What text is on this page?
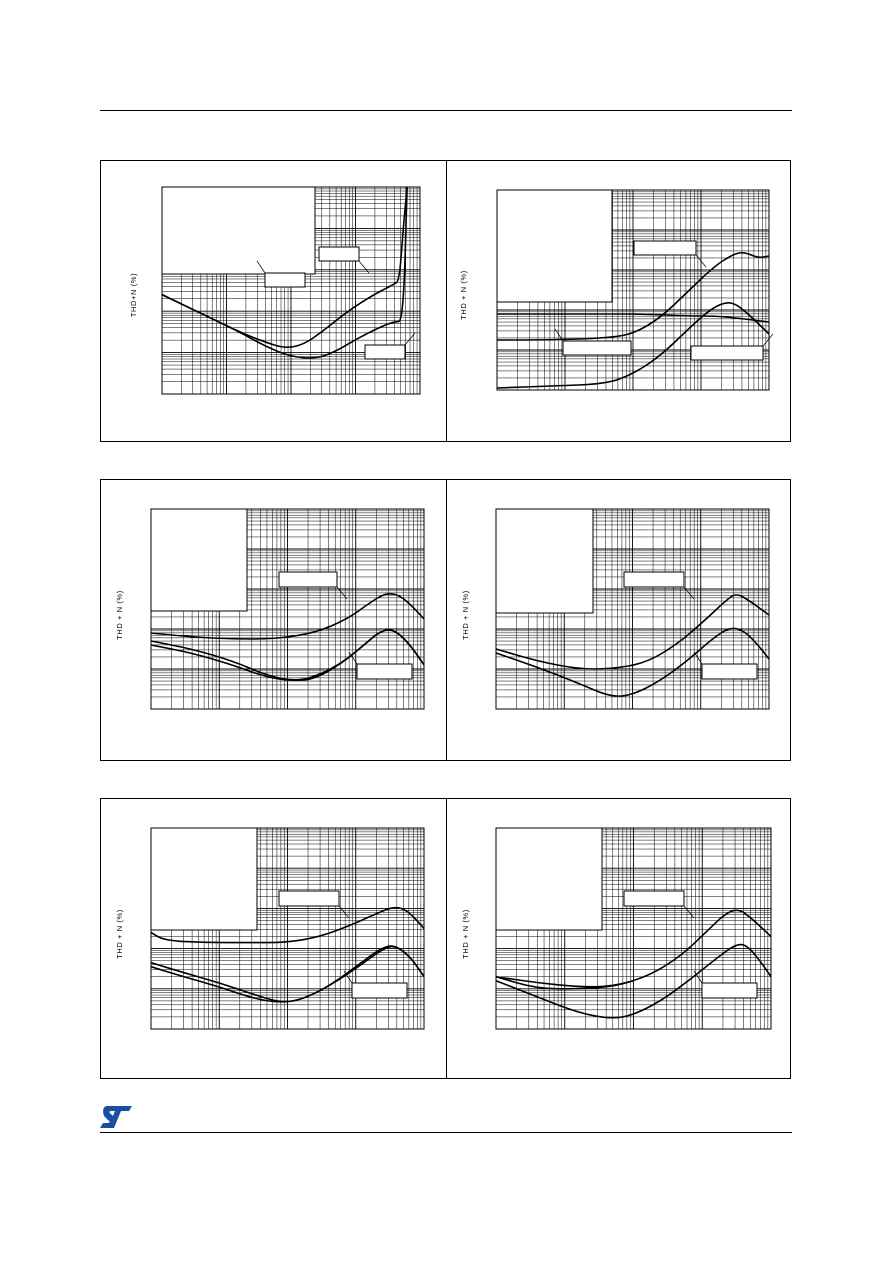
THD+N (%)	THD + N (%)
THD + N (%)	THD + N (%)
THD + N (%)	THD + N (%)
